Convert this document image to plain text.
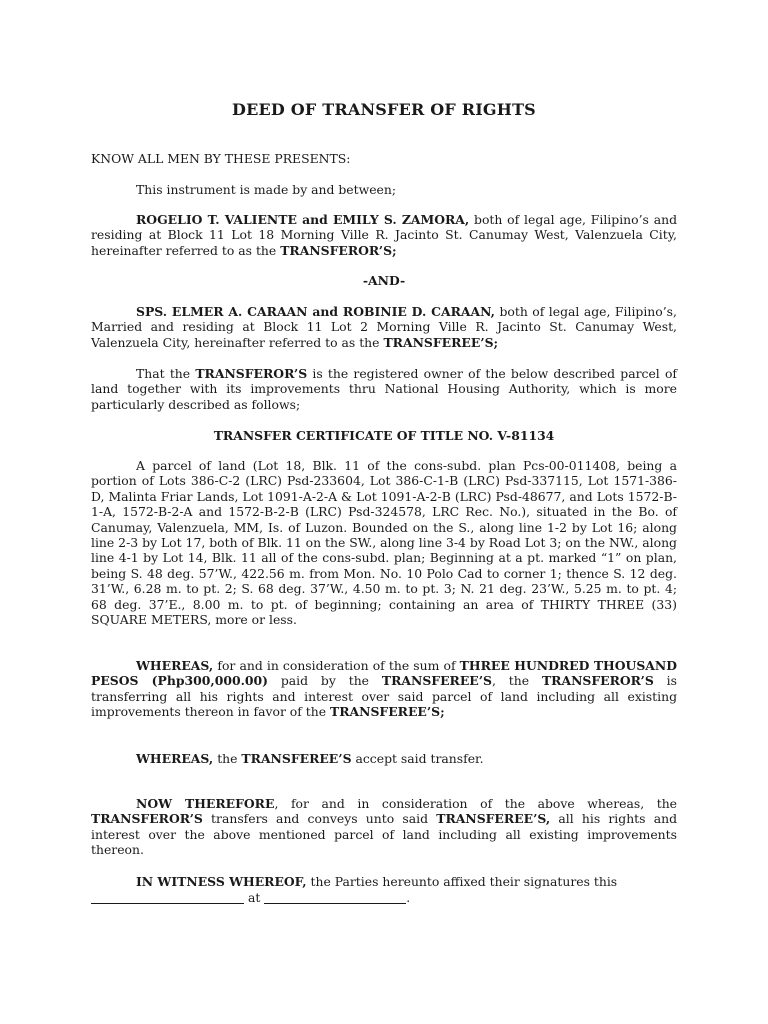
DEED OF TRANSFER OF RIGHTS

KNOW ALL MEN BY THESE PRESENTS:

This instrument is made by and between;

ROGELIO T. VALIENTE and EMILY S. ZAMORA, both of legal age, Filipino’s and residing at Block 11 Lot 18 Morning Ville R. Jacinto St. Canumay West, Valenzuela City, hereinafter referred to as the TRANSFEROR’S;

-AND-

SPS. ELMER A. CARAAN and ROBINIE D. CARAAN, both of legal age, Filipino’s, Married and residing at Block 11 Lot 2 Morning Ville R. Jacinto St. Canumay West, Valenzuela City, hereinafter referred to as the TRANSFEREE’S;

That the TRANSFEROR’S is the registered owner of the below described parcel of land together with its improvements thru National Housing Authority, which is more particularly described as follows;

TRANSFER CERTIFICATE OF TITLE NO. V-81134

A parcel of land (Lot 18, Blk. 11 of the cons-subd. plan Pcs-00-011408, being a portion of Lots 386-C-2 (LRC) Psd-233604, Lot 386-C-1-B (LRC) Psd-337115, Lot 1571-386-D, Malinta Friar Lands, Lot 1091-A-2-A & Lot 1091-A-2-B (LRC) Psd-48677, and Lots 1572-B-1-A, 1572-B-2-A and 1572-B-2-B (LRC) Psd-324578, LRC Rec. No.), situated in the Bo. of Canumay, Valenzuela, MM, Is. of Luzon. Bounded on the S., along line 1-2 by Lot 16; along line 2-3 by Lot 17, both of Blk. 11 on the SW., along line 3-4 by Road Lot 3; on the NW., along line 4-1 by Lot 14, Blk. 11 all of the cons-subd. plan; Beginning at a pt. marked “1” on plan, being S. 48 deg. 57’W., 422.56 m. from Mon. No. 10 Polo Cad to corner 1; thence S. 12 deg. 31’W., 6.28 m. to pt. 2; S. 68 deg. 37’W., 4.50 m. to pt. 3; N. 21 deg. 23’W., 5.25 m. to pt. 4; 68 deg. 37’E., 8.00 m. to pt. of beginning; containing an area of THIRTY THREE (33) SQUARE METERS, more or less.

WHEREAS, for and in consideration of the sum of THREE HUNDRED THOUSAND PESOS (Php300,000.00) paid by the TRANSFEREE’S, the TRANSFEROR’S is transferring all his rights and interest over said parcel of land including all existing improvements thereon in favor of the TRANSFEREE’S;

WHEREAS, the TRANSFEREE’S accept said transfer.

NOW THEREFORE, for and in consideration of the above whereas, the TRANSFEROR’S transfers and conveys unto said TRANSFEREE’S, all his rights and interest over the above mentioned parcel of land including all existing improvements thereon.

IN WITNESS WHEREOF, the Parties hereunto affixed their signatures this

at	.
